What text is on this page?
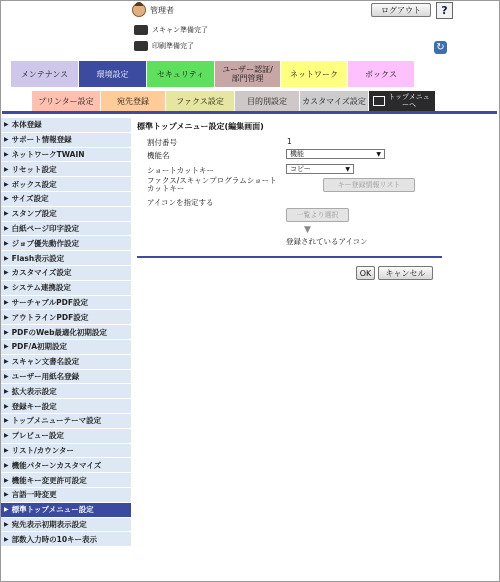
管理者	ログアウト	?
スキャン準備完了
印刷準備完了	↻
メンテナンス	環境設定	セキュリティ	ユーザー認証/部門管理	ネットワーク	ボックス
プリンター設定	宛先登録	ファクス設定	目的別設定 カスタマイズ設定	トップメニューへ
▶ 本体登録
▶ サポート情報登録
▶ ネットワークTWAIN
▶ リセット設定
▶ ボックス設定
▶ サイズ設定
▶ スタンプ設定
▶ 白紙ページ印字設定
▶ ジョブ優先動作設定
▶ Flash表示設定
▶ カスタマイズ設定
▶ システム連携設定
▶ サーチャブルPDF設定
▶ アウトラインPDF設定
▶ PDFのWeb最適化初期設定
▶ PDF/A初期設定
▶ スキャン文書名設定
▶ ユーザー用紙名登録
▶ 拡大表示設定
▶ 登録キー設定
▶ トップメニューテーマ設定
▶ プレビュー設定
▶ リスト/カウンター
▶ 機能パターンカスタマイズ
▶ 機能キー変更許可設定
▶ 言語一時変更
▶ 標準トップメニュー設定
▶ 宛先表示初期表示設定
▶ 部数入力時の10キー表示
標準トップメニュー設定(編集画面)
割付番号	1
機能名	機能	▼
ショートカットキー	コピー	▼
ファクス/スキャンプログラムショートカットキー	キー登録情報リスト
アイコンを指定する
一覧より選択
▼
登録されているアイコン
OK	キャンセル
